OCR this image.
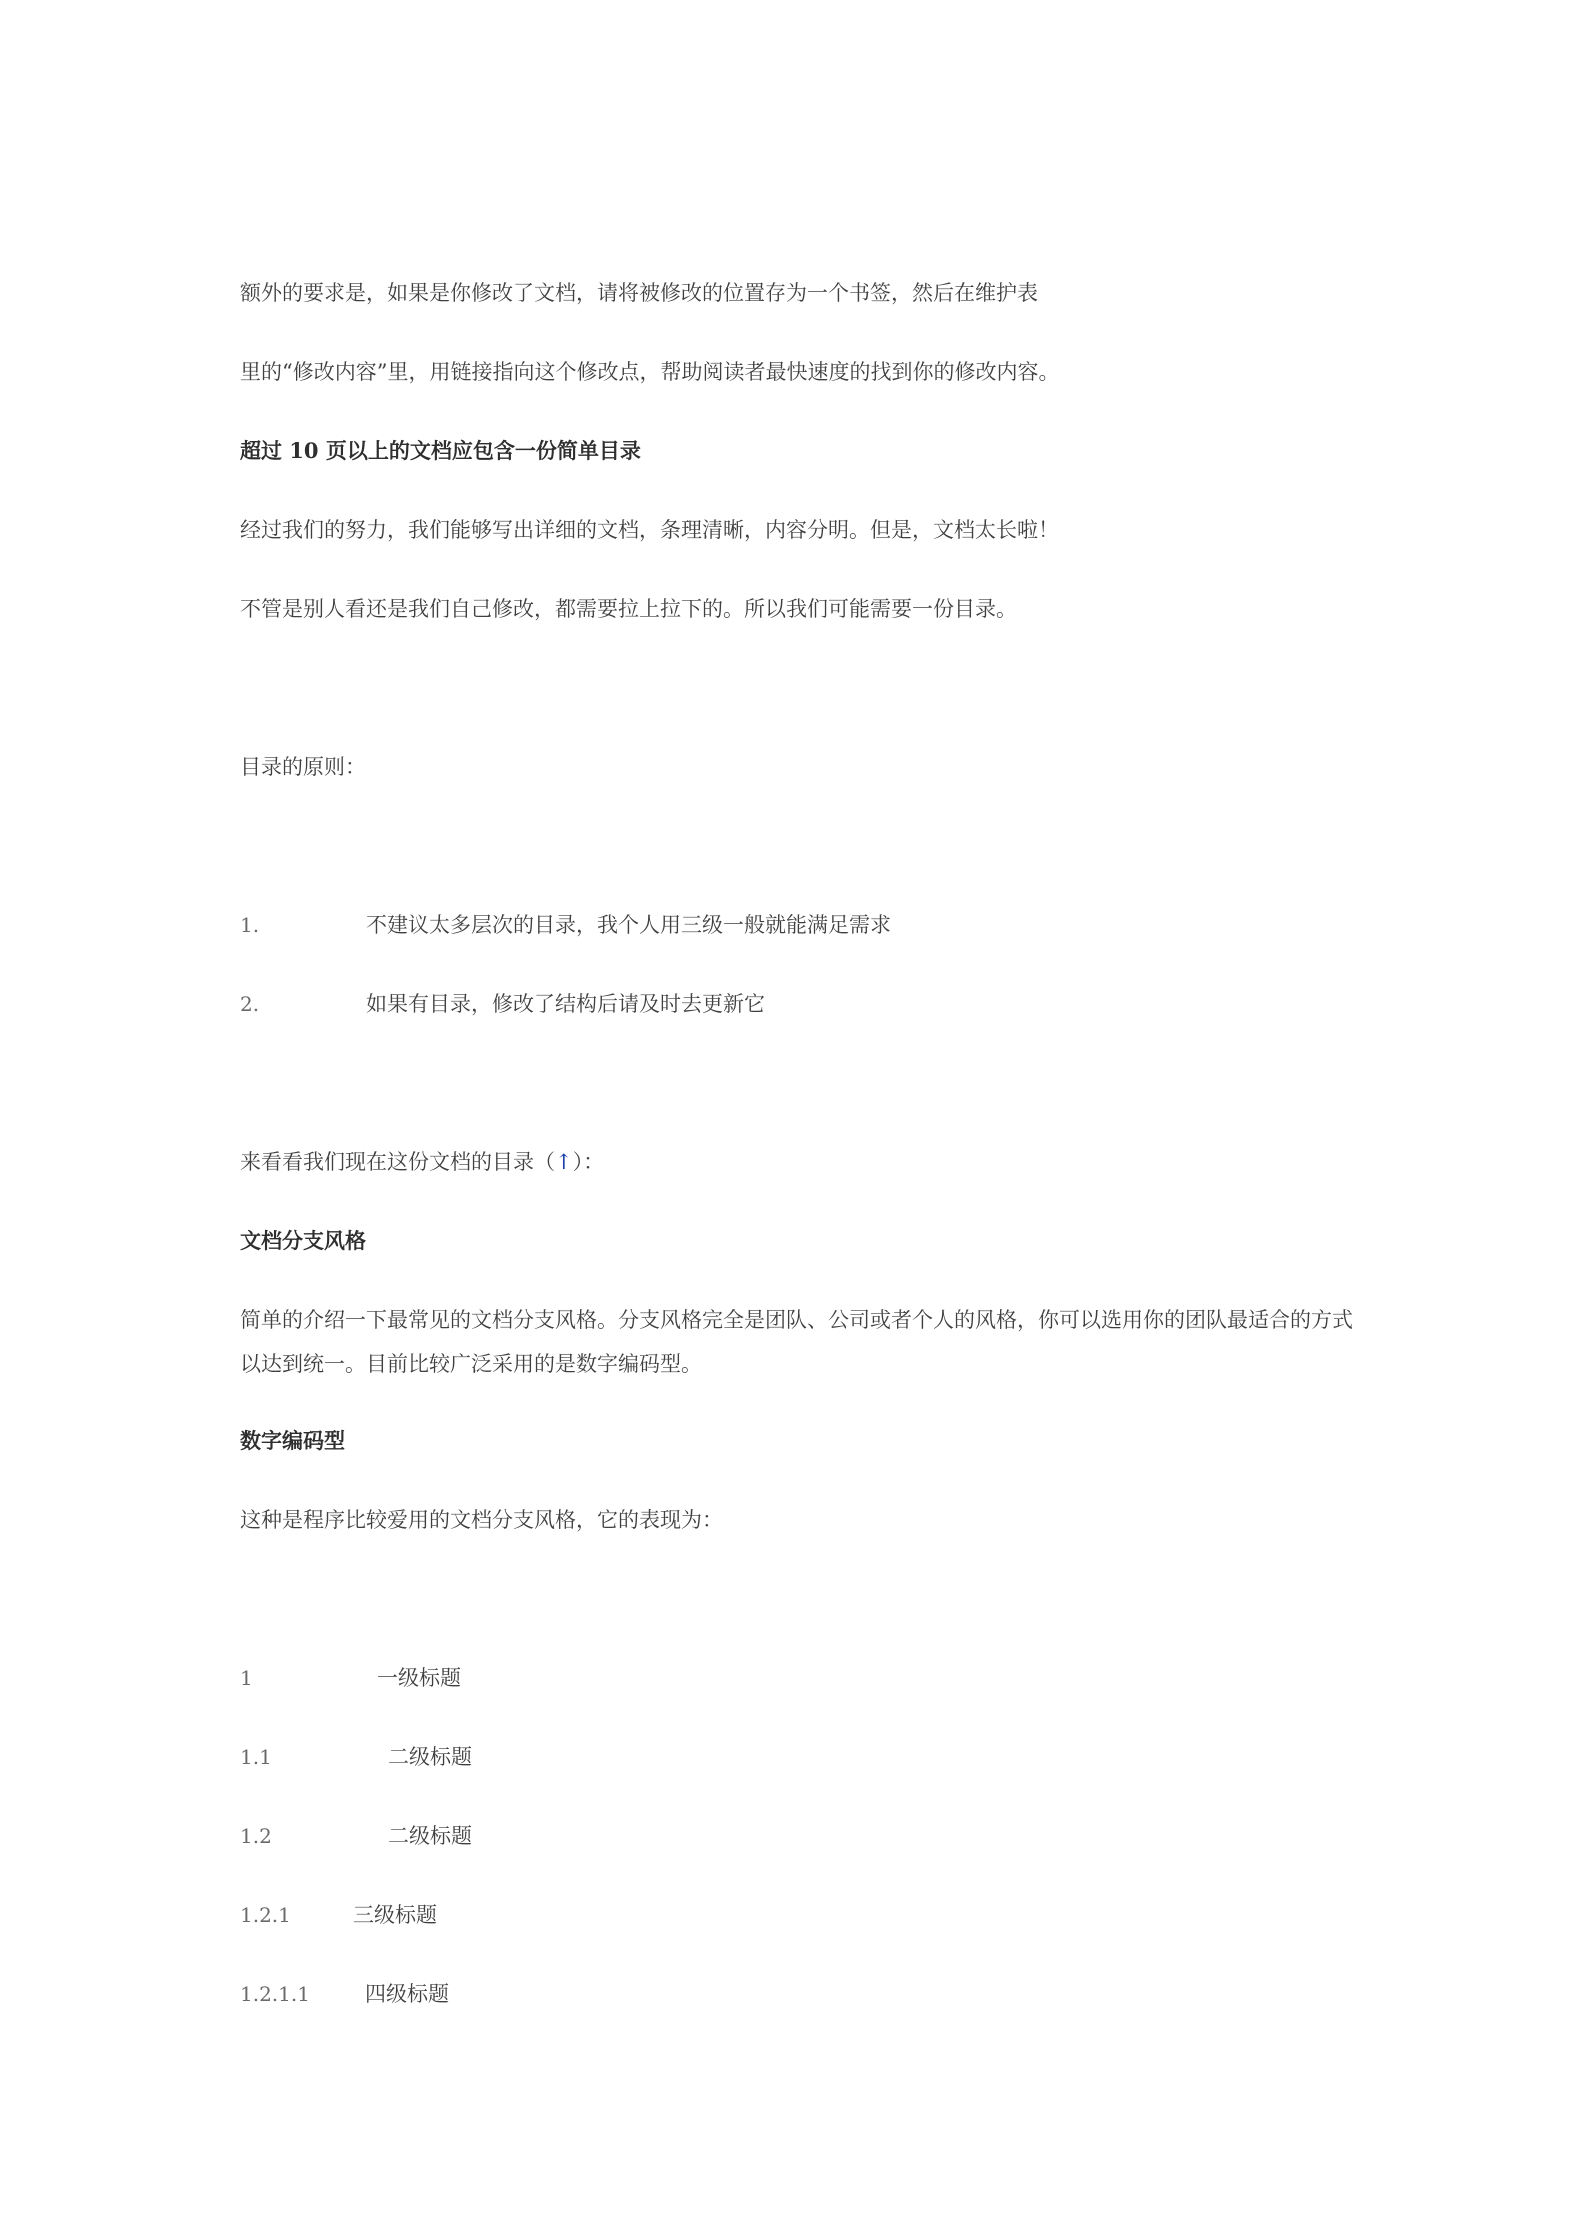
额外的要求是，如果是你修改了文档，请将被修改的位置存为一个书签，然后在维护表
里的“修改内容”里，用链接指向这个修改点，帮助阅读者最快速度的找到你的修改内容。
超过 10 页以上的文档应包含一份简单目录
经过我们的努力，我们能够写出详细的文档，条理清晰，内容分明。但是，文档太长啦！
不管是别人看还是我们自己修改，都需要拉上拉下的。所以我们可能需要一份目录。
目录的原则：
1.	不建议太多层次的目录，我个人用三级一般就能满足需求
2.	如果有目录，修改了结构后请及时去更新它
来看看我们现在这份文档的目录（↑）：
文档分支风格
简单的介绍一下最常见的文档分支风格。分支风格完全是团队、公司或者个人的风格，你可以选用你的团队最适合的方式以达到统一。目前比较广泛采用的是数字编码型。
数字编码型
这种是程序比较爱用的文档分支风格，它的表现为：
1	一级标题
1.1	二级标题
1.2	二级标题
1.2.1	三级标题
1.2.1.1	四级标题
